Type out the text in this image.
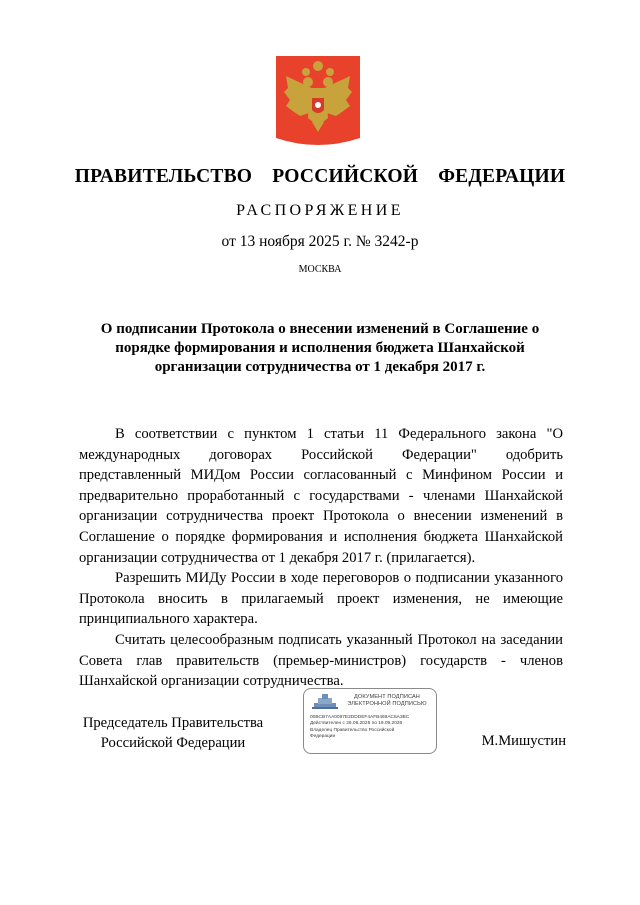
ПРАВИТЕЛЬСТВО  РОССИЙСКОЙ  ФЕДЕРАЦИИ
РАСПОРЯЖЕНИЕ
от 13 ноября 2025 г. № 3242-р
МОСКВА
О подписании Протокола о внесении изменений в Соглашение о
порядке формирования и исполнения бюджета Шанхайской
организации сотрудничества от 1 декабря 2017 г.

В соответствии с пунктом 1 статьи 11 Федерального закона "О международных договорах Российской Федерации" одобрить представленный МИДом России согласованный с Минфином России и предварительно проработанный с государствами - членами Шанхайской организации сотрудничества проект Протокола о внесении изменений в Соглашение о порядке формирования и исполнения бюджета Шанхайской организации сотрудничества от 1 декабря 2017 г. (прилагается).

Разрешить МИДу России в ходе переговоров о подписании указанного Протокола вносить в прилагаемый проект изменения, не имеющие принципиального характера.

Считать целесообразным подписать указанный Протокол на заседании Совета глав правительств (премьер-министров) государств - членов Шанхайской организации сотрудничества.

Председатель Правительства
Российской Федерации
ДОКУМЕНТ ПОДПИСАН
ЭЛЕКТРОННОЙ ПОДПИСЬЮ
00BCB7AA0097E2DDDEF4AFB469AC8A3BC
Действителен с 26.06.2025 по 19.09.2026
Владелец Правительство Российской
Федерации	М.Мишустин
